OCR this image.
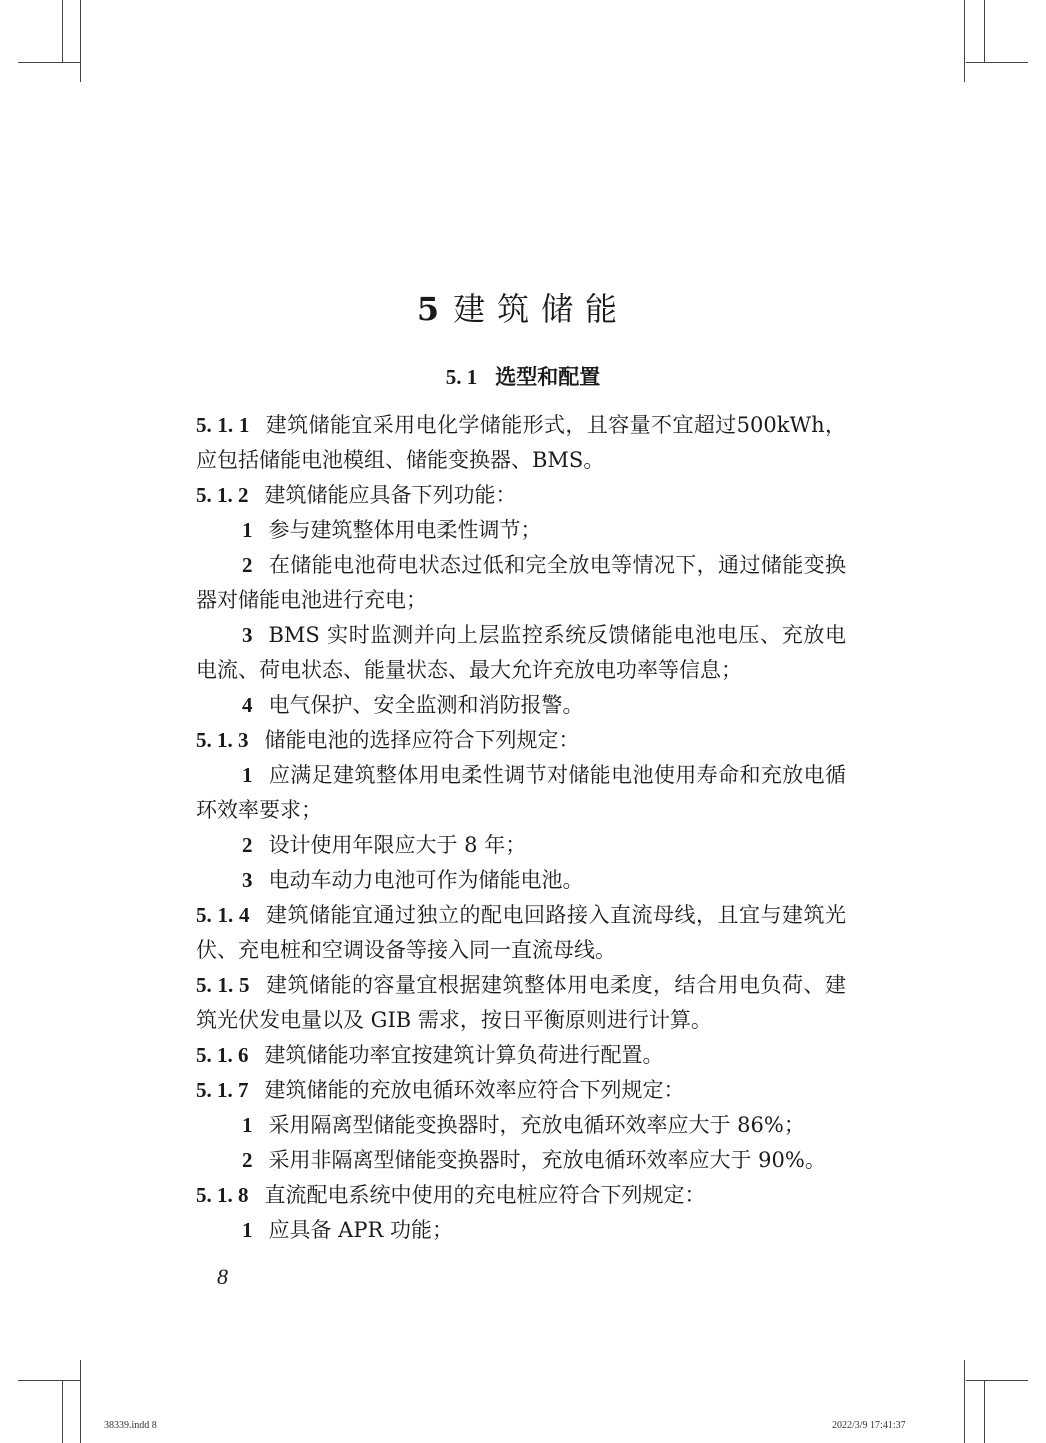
5 建筑储能
5. 1 选型和配置

5. 1. 1 建筑储能宜采用电化学储能形式，且容量不宜超过500kWh，应包括储能电池模组、储能变换器、BMS。

5. 1. 2 建筑储能应具备下列功能：

1 参与建筑整体用电柔性调节；

2 在储能电池荷电状态过低和完全放电等情况下，通过储能变换器对储能电池进行充电；

3 BMS 实时监测并向上层监控系统反馈储能电池电压、充放电电流、荷电状态、能量状态、最大允许充放电功率等信息；

4 电气保护、安全监测和消防报警。

5. 1. 3 储能电池的选择应符合下列规定：

1 应满足建筑整体用电柔性调节对储能电池使用寿命和充放电循环效率要求；

2 设计使用年限应大于 8 年；

3 电动车动力电池可作为储能电池。

5. 1. 4 建筑储能宜通过独立的配电回路接入直流母线，且宜与建筑光伏、充电桩和空调设备等接入同一直流母线。

5. 1. 5 建筑储能的容量宜根据建筑整体用电柔度，结合用电负荷、建筑光伏发电量以及 GIB 需求，按日平衡原则进行计算。

5. 1. 6 建筑储能功率宜按建筑计算负荷进行配置。

5. 1. 7 建筑储能的充放电循环效率应符合下列规定：

1 采用隔离型储能变换器时，充放电循环效率应大于 86%；

2 采用非隔离型储能变换器时，充放电循环效率应大于 90%。

5. 1. 8 直流配电系统中使用的充电桩应符合下列规定：

1 应具备 APR 功能；

8
38339.indd 8	2022/3/9 17:41:37
